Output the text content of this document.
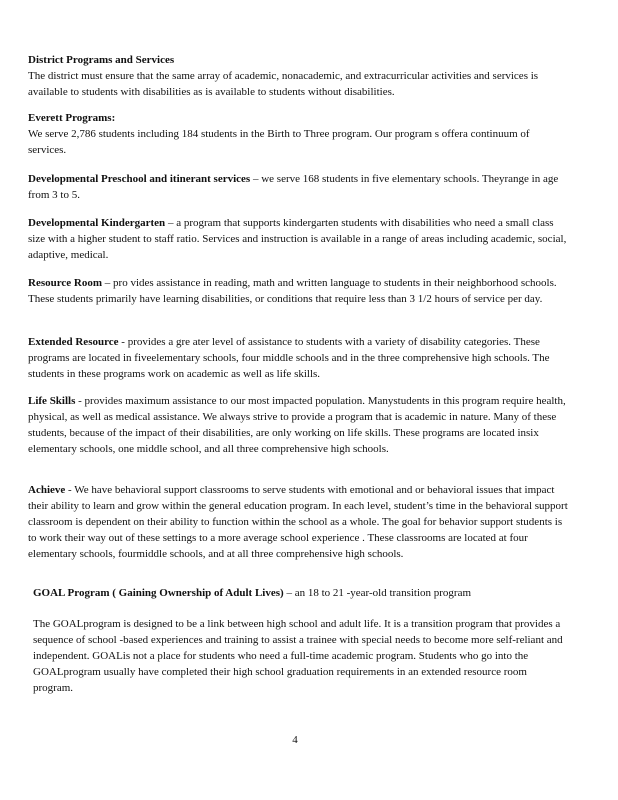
District Programs and Services
The district must ensure that the same array of academic, nonacademic, and extracurricular activities and services is available to students with disabilities as is available to students without disabilities.
Everett Programs:
We serve 2,786 students including 184 students in the Birth to Three program. Our program s offera continuum of services.
Developmental Preschool and itinerant services – we serve 168 students in five elementary schools. Theyrange in age from 3 to 5.
Developmental Kindergarten – a program that supports kindergarten students with disabilities who need a small class size with a higher student to staff ratio. Services and instruction is available in a range of areas including academic, social, adaptive, medical.
Resource Room – pro vides assistance in reading, math and written language to students in their neighborhood schools. These students primarily have learning disabilities, or conditions that require less than 3 1/2 hours of service per day.
Extended Resource - provides a gre ater level of assistance to students with a variety of disability categories. These programs are located in fiveelementary schools, four middle schools and in the three comprehensive high schools. The students in these programs work on academic as well as life skills.
Life Skills - provides maximum assistance to our most impacted population. Manystudents in this program require health, physical, as well as medical assistance. We always strive to provide a program that is academic in nature. Many of these students, because of the impact of their disabilities, are only working on life skills. These programs are located insix elementary schools, one middle school, and all three comprehensive high schools.
Achieve - We have behavioral support classrooms to serve students with emotional and or behavioral issues that impact their ability to learn and grow within the general education program. In each level, student’s time in the behavioral support classroom is dependent on their ability to function within the school as a whole. The goal for behavior support students is to work their way out of these settings to a more average school experience . These classrooms are located at four elementary schools, fourmiddle schools, and at all three comprehensive high schools.
GOAL Program ( Gaining Ownership of Adult Lives) – an 18 to 21 -year-old transition program
The GOALprogram is designed to be a link between high school and adult life. It is a transition program that provides a sequence of school -based experiences and training to assist a trainee with special needs to become more self-reliant and independent. GOALis not a place for students who need a full-time academic program. Students who go into the GOALprogram usually have completed their high school graduation requirements in an extended resource room program.
4
